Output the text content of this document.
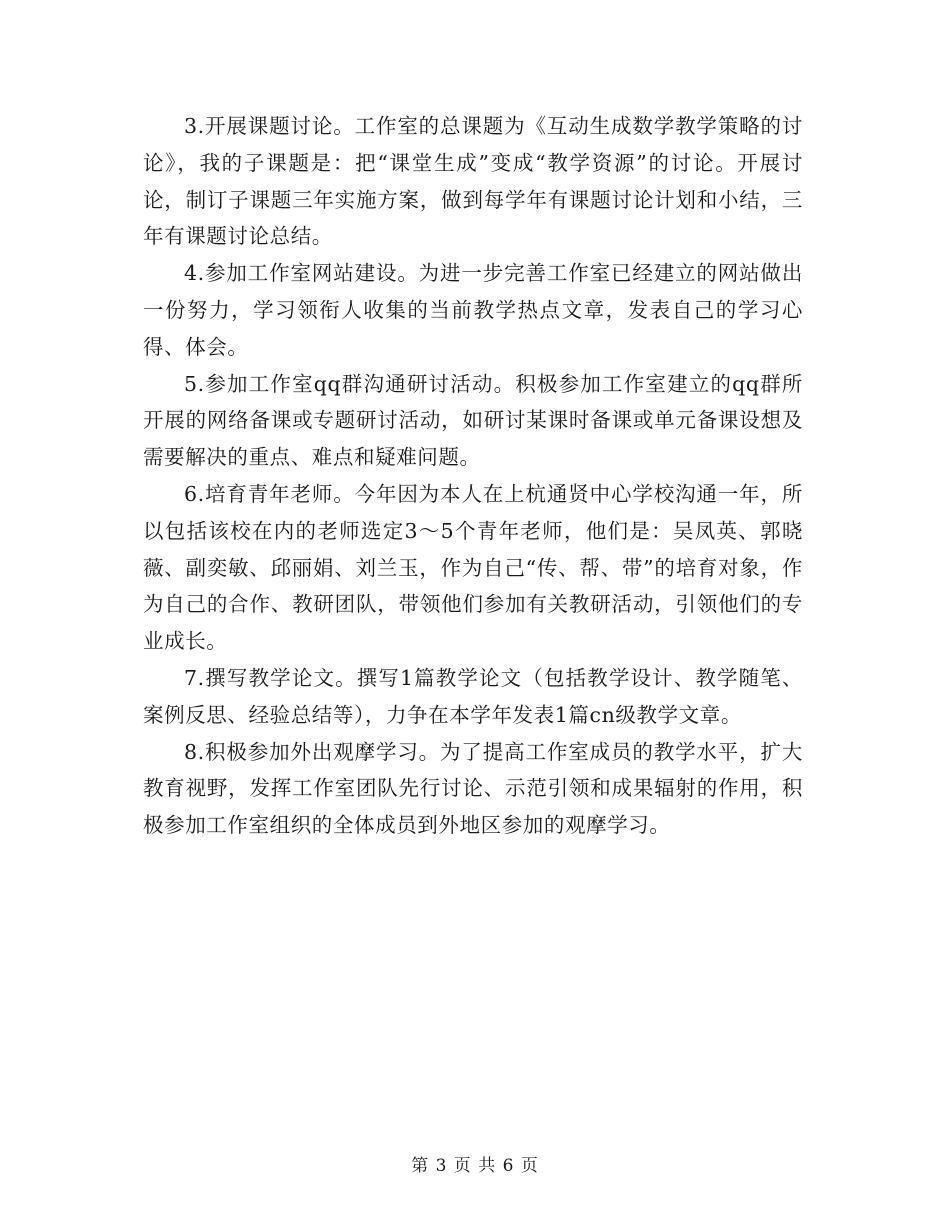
3.开展课题讨论。工作室的总课题为《互动生成数学教学策略的讨论》，我的子课题是：把“课堂生成”变成“教学资源”的讨论。开展讨论，制订子课题三年实施方案，做到每学年有课题讨论计划和小结，三年有课题讨论总结。

4.参加工作室网站建设。为进一步完善工作室已经建立的网站做出一份努力，学习领衔人收集的当前教学热点文章，发表自己的学习心得、体会。

5.参加工作室qq群沟通研讨活动。积极参加工作室建立的qq群所开展的网络备课或专题研讨活动，如研讨某课时备课或单元备课设想及需要解决的重点、难点和疑难问题。

6.培育青年老师。今年因为本人在上杭通贤中心学校沟通一年，所以包括该校在内的老师选定3～5个青年老师，他们是：吴凤英、郭晓薇、副奕敏、邱丽娟、刘兰玉，作为自己“传、帮、带”的培育对象，作为自己的合作、教研团队，带领他们参加有关教研活动，引领他们的专业成长。

7.撰写教学论文。撰写1篇教学论文（包括教学设计、教学随笔、案例反思、经验总结等），力争在本学年发表1篇cn级教学文章。

8.积极参加外出观摩学习。为了提高工作室成员的教学水平，扩大教育视野，发挥工作室团队先行讨论、示范引领和成果辐射的作用，积极参加工作室组织的全体成员到外地区参加的观摩学习。

第 3 页 共 6 页
